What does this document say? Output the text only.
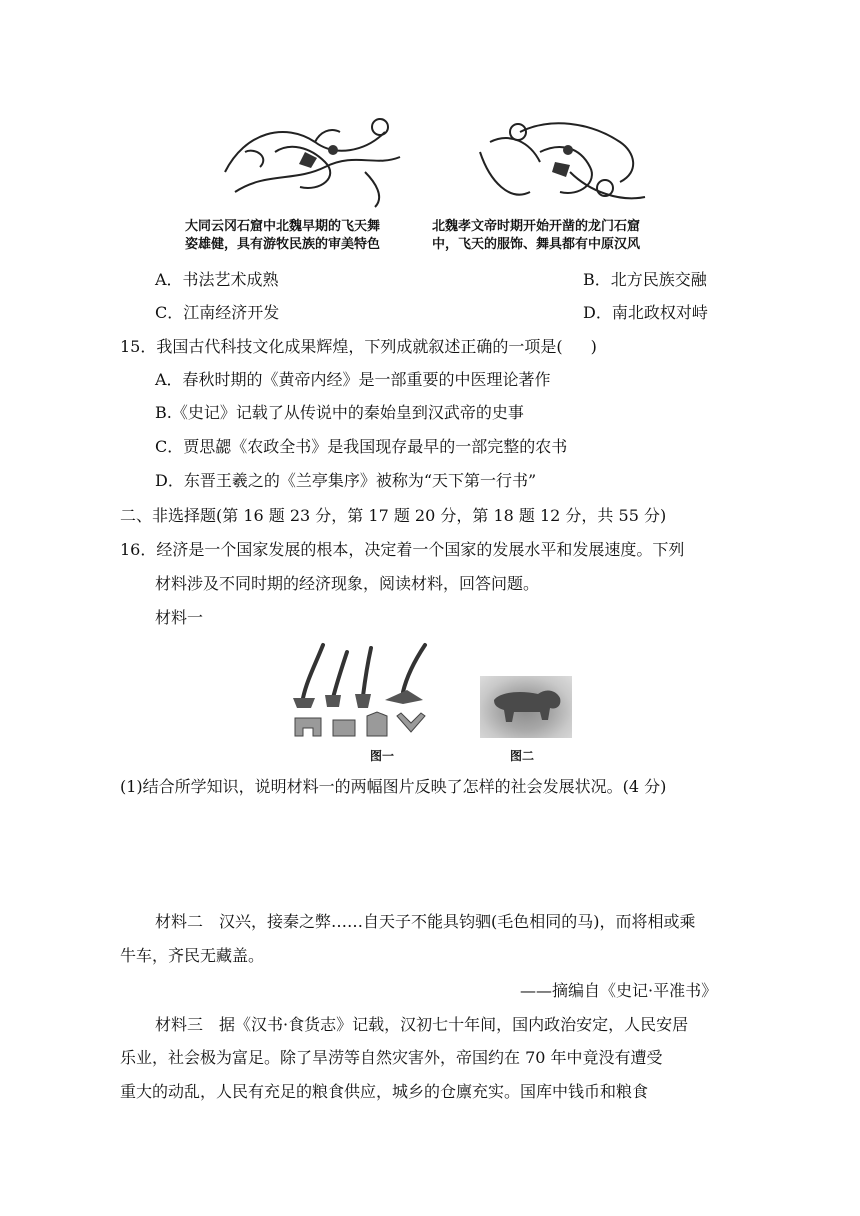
大同云冈石窟中北魏早期的飞天舞
姿雄健，具有游牧民族的审美特色
北魏孝文帝时期开始开凿的龙门石窟
中，飞天的服饰、舞具都有中原汉风
A．书法艺术成熟	B．北方民族交融
C．江南经济开发	D．南北政权对峙
15．我国古代科技文化成果辉煌，下列成就叙述正确的一项是( )
A．春秋时期的《黄帝内经》是一部重要的中医理论著作
B.《史记》记载了从传说中的秦始皇到汉武帝的史事
C．贾思勰《农政全书》是我国现存最早的一部完整的农书
D．东晋王羲之的《兰亭集序》被称为“天下第一行书”
二、非选择题(第 16 题 23 分，第 17 题 20 分，第 18 题 12 分，共 55 分)
16．经济是一个国家发展的根本，决定着一个国家的发展水平和发展速度。下列
材料涉及不同时期的经济现象，阅读材料，回答问题。
材料一
图一	图二
(1)结合所学知识，说明材料一的两幅图片反映了怎样的社会发展状况。(4 分)
材料二　汉兴，接秦之弊……自天子不能具钧驷(毛色相同的马)，而将相或乘
牛车，齐民无藏盖。
——摘编自《史记·平准书》
材料三　据《汉书·食货志》记载，汉初七十年间，国内政治安定，人民安居
乐业，社会极为富足。除了旱涝等自然灾害外，帝国约在 70 年中竟没有遭受
重大的动乱，人民有充足的粮食供应，城乡的仓廪充实。国库中钱币和粮食
